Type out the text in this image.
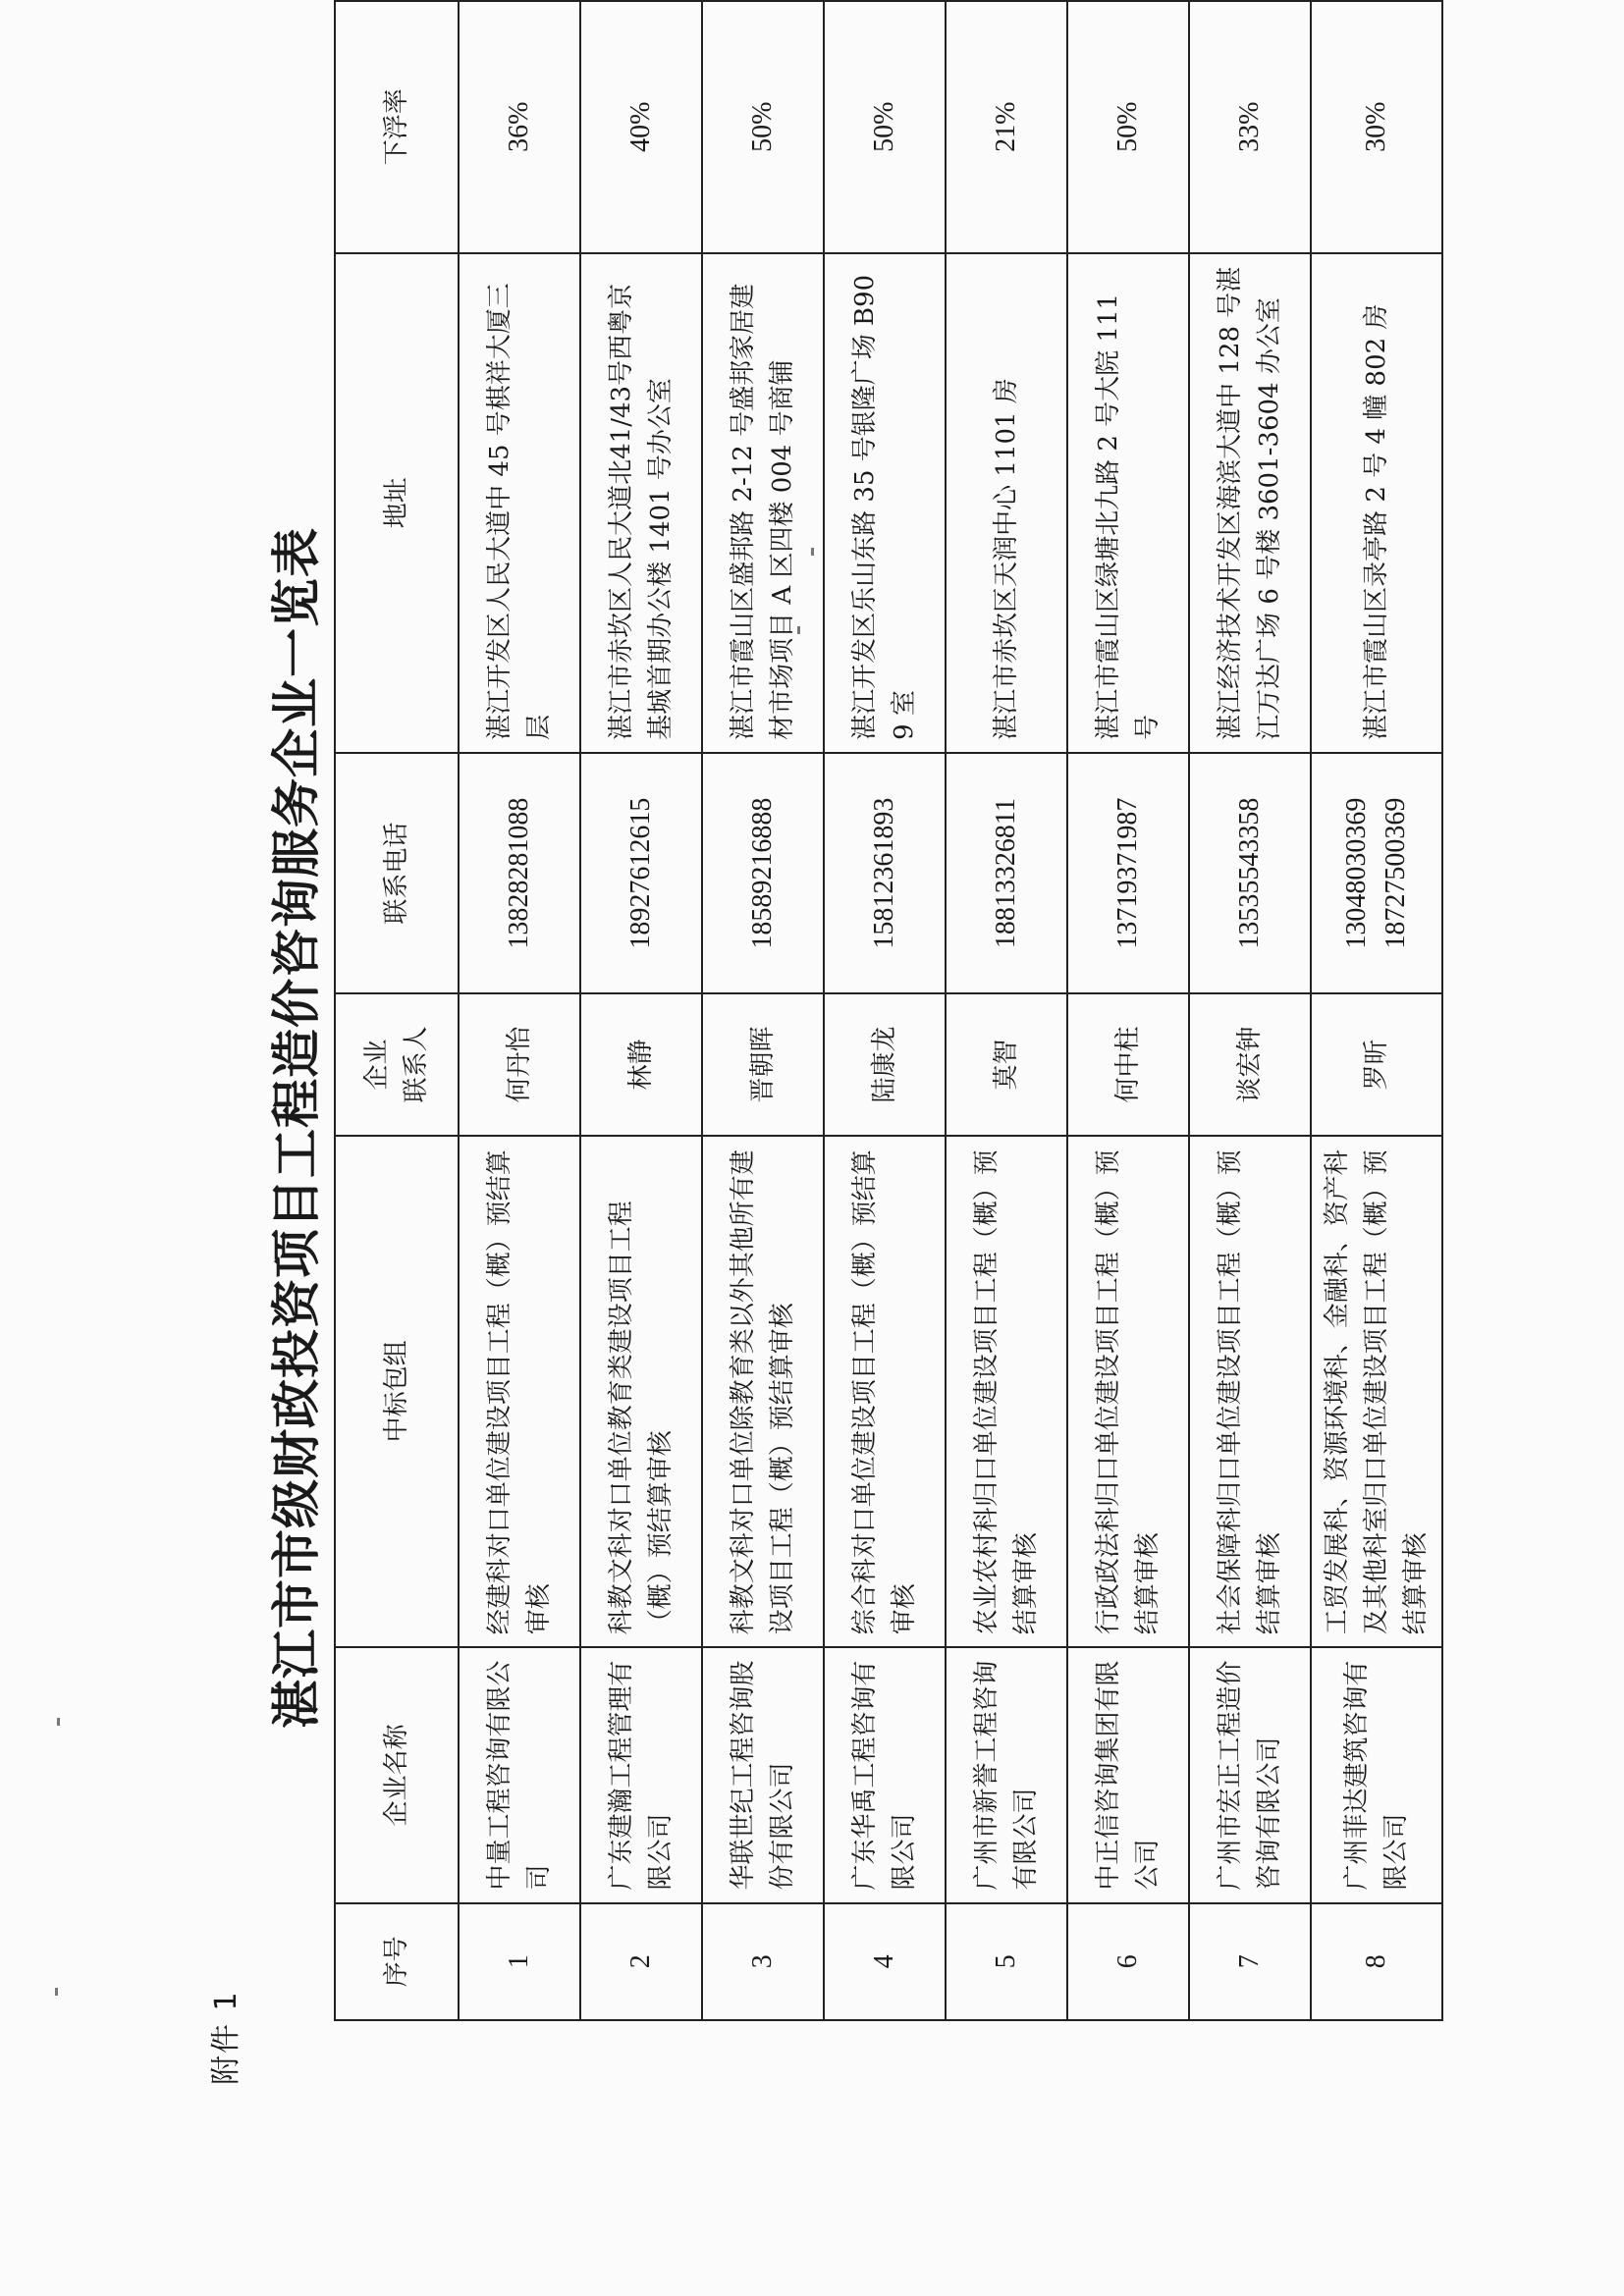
附件 1
湛江市市级财政投资项目工程造价咨询服务企业一览表
序号	企业名称	中标包组	企业 联系人	联系电话	地址	下浮率
1	中量工程咨询有限公司	经建科对口单位建设项目工程（概）预结算审核	何丹怡	13828281088	湛江开发区人民大道中 45 号棋祥大厦三层	36%
2	广东建瀚工程管理有限公司	科教文科对口单位教育类建设项目工程（概）预结算审核	林静	18927612615	湛江市赤坎区人民大道北41/43号西粤京基城首期办公楼 1401 号办公室	40%
3	华联世纪工程咨询股份有限公司	科教文科对口单位除教育类以外其他所有建设项目工程（概）预结算审核	晋朝晖	18589216888	湛江市霞山区盛邦路 2-12 号盛邦家居建材市场项目 A 区四楼 004 号商铺	50%
4	广东华禹工程咨询有限公司	综合科对口单位建设项目工程（概）预结算审核	陆康龙	15812361893	湛江开发区乐山东路 35 号银隆广场 B909 室	50%
5	广州市新誉工程咨询有限公司	农业农村科归口单位建设项目工程（概）预结算审核	莫智	18813326811	湛江市赤坎区天润中心 1101 房	21%
6	中正信咨询集团有限公司	行政政法科归口单位建设项目工程（概）预结算审核	何中柱	13719371987	湛江市霞山区绿塘北九路 2 号大院 111 号	50%
7	广州市宏正工程造价咨询有限公司	社会保障科归口单位建设项目工程（概）预结算审核	谈宏钟	13535543358	湛江经济技术开发区海滨大道中 128 号湛江万达广场 6 号楼 3601-3604 办公室	33%
8	广州菲达建筑咨询有限公司	工贸发展科、资源环境科、金融科、资产科及其他科室归口单位建设项目工程（概）预结算审核	罗昕	13048030369 18727500369	湛江市霞山区录亭路 2 号 4 幢 802 房	30%
